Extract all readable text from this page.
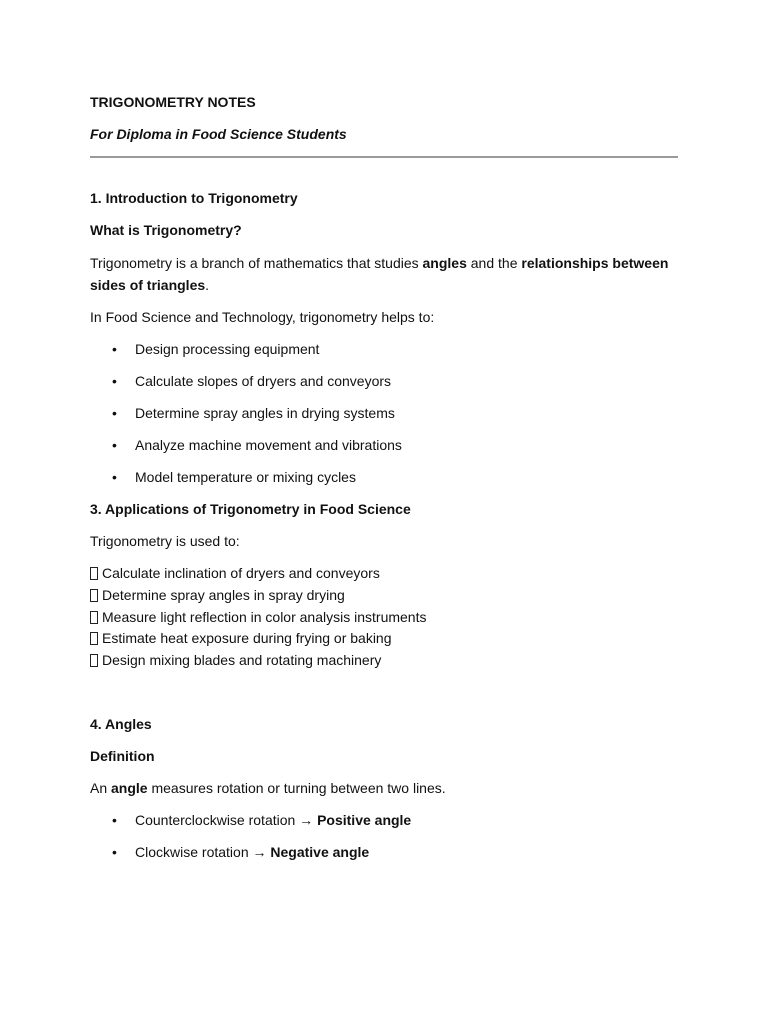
TRIGONOMETRY NOTES
For Diploma in Food Science Students
1. Introduction to Trigonometry
What is Trigonometry?
Trigonometry is a branch of mathematics that studies angles and the relationships between
sides of triangles.
In Food Science and Technology, trigonometry helps to:
• Design processing equipment
• Calculate slopes of dryers and conveyors
• Determine spray angles in drying systems
• Analyze machine movement and vibrations
• Model temperature or mixing cycles
3. Applications of Trigonometry in Food Science
Trigonometry is used to:
Calculate inclination of dryers and conveyors
Determine spray angles in spray drying
Measure light reflection in color analysis instruments
Estimate heat exposure during frying or baking
Design mixing blades and rotating machinery
4. Angles
Definition
An angle measures rotation or turning between two lines.
• Counterclockwise rotation → Positive angle
• Clockwise rotation → Negative angle
